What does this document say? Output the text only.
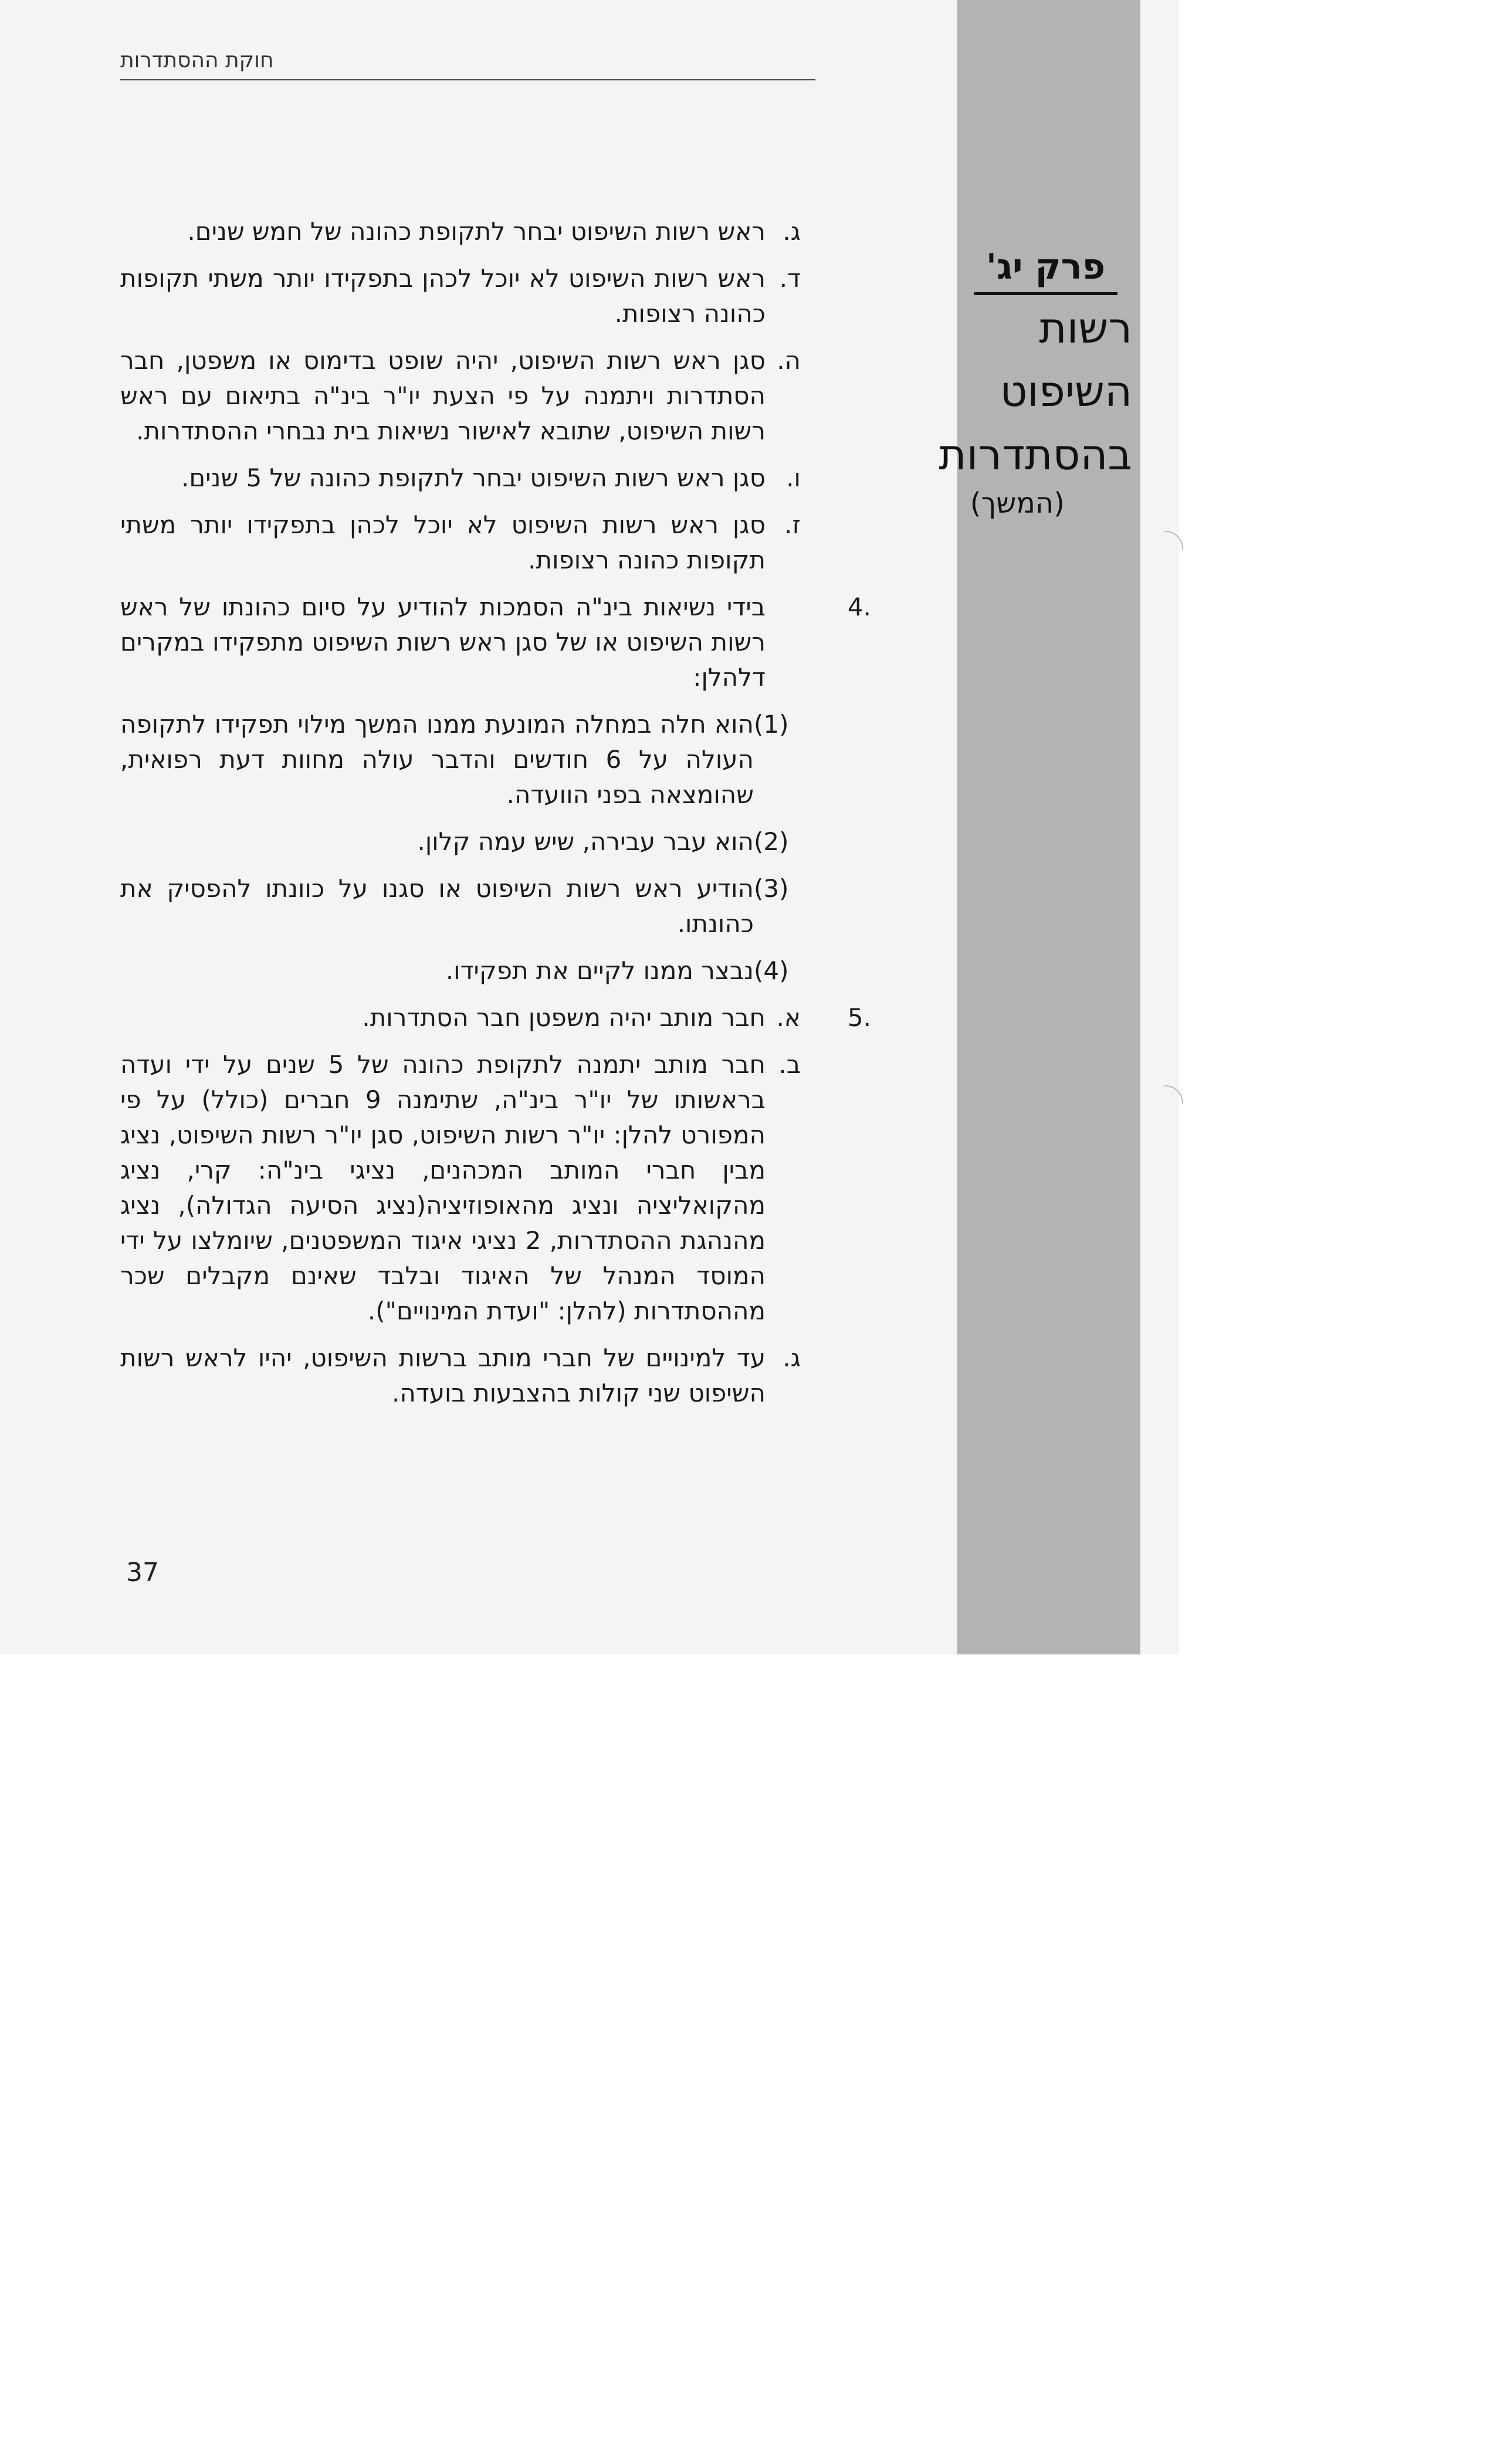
חוקת ההסתדרות
פרק יג'
רשות
השיפוט
בהסתדרות
(המשך)
ג.
ראש רשות השיפוט יבחר לתקופת כהונה של חמש שנים.
ד.
ראש רשות השיפוט לא יוכל לכהן בתפקידו יותר משתי תקופות כהונה רצופות.
ה.
סגן ראש רשות השיפוט, יהיה שופט בדימוס או משפטן, חבר הסתדרות ויתמנה על פי הצעת יו"ר בינ"ה בתיאום עם ראש רשות השיפוט, שתובא לאישור נשיאות בית נבחרי ההסתדרות.
ו.
סגן ראש רשות השיפוט יבחר לתקופת כהונה של 5 שנים.
ז.
סגן ראש רשות השיפוט לא יוכל לכהן בתפקידו יותר משתי תקופות כהונה רצופות.
.4
בידי נשיאות בינ"ה הסמכות להודיע על סיום כהונתו של ראש רשות השיפוט או של סגן ראש רשות השיפוט מתפקידו במקרים דלהלן:
(1)
הוא חלה במחלה המונעת ממנו המשך מילוי תפקידו לתקופה העולה על 6 חודשים והדבר עולה מחוות דעת רפואית, שהומצאה בפני הוועדה.
(2)
הוא עבר עבירה, שיש עמה קלון.
(3)
הודיע ראש רשות השיפוט או סגנו על כוונתו להפסיק את כהונתו.
(4)
נבצר ממנו לקיים את תפקידו.
.5
א.
חבר מותב יהיה משפטן חבר הסתדרות.
ב.
חבר מותב יתמנה לתקופת כהונה של 5 שנים על ידי ועדה בראשותו של יו"ר בינ"ה, שתימנה 9 חברים (כולל) על פי המפורט להלן: יו"ר רשות השיפוט, סגן יו"ר רשות השיפוט, נציג מבין חברי המותב המכהנים, נציגי בינ"ה: קרי, נציג מהקואליציה ונציג מהאופוזיציה(נציג הסיעה הגדולה), נציג מהנהגת ההסתדרות, 2 נציגי איגוד המשפטנים, שיומלצו על ידי המוסד המנהל של האיגוד ובלבד שאינם מקבלים שכר מההסתדרות (להלן: "ועדת המינויים").
ג.
עד למינויים של חברי מותב ברשות השיפוט, יהיו לראש רשות השיפוט שני קולות בהצבעות בועדה.
37
